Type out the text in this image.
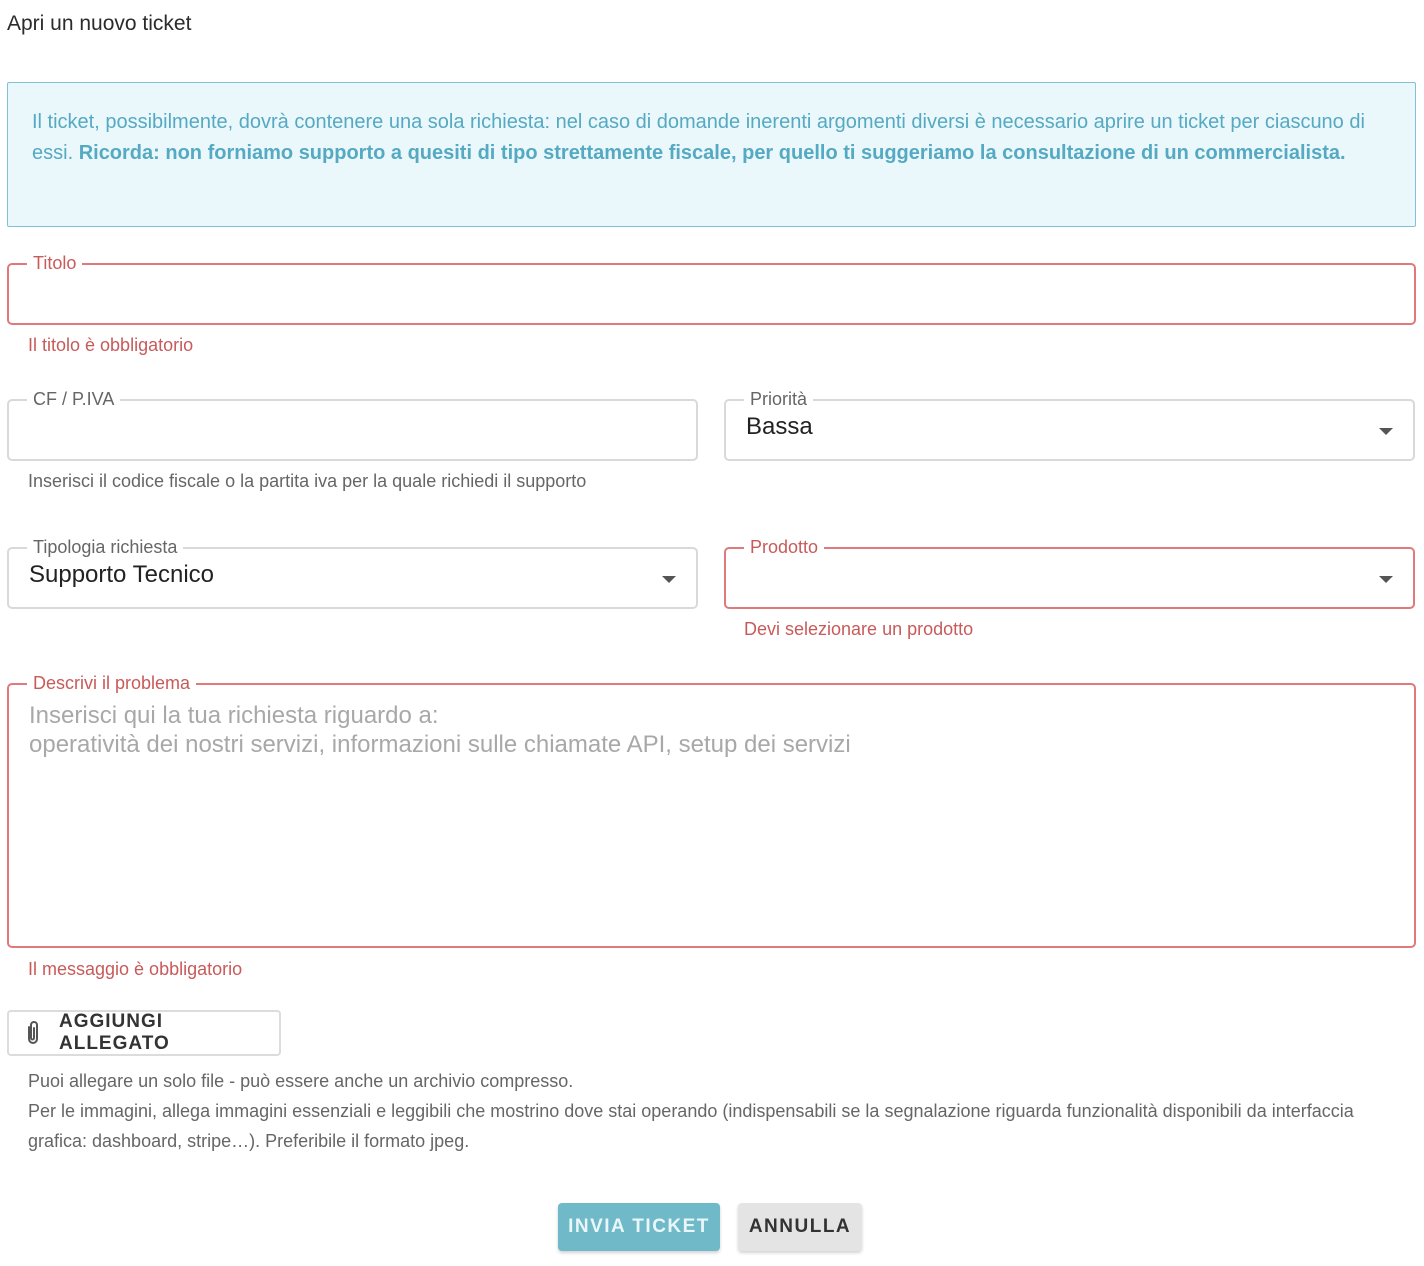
Apri un nuovo ticket
Il ticket, possibilmente, dovrà contenere una sola richiesta: nel caso di domande inerenti argomenti diversi è necessario aprire un ticket per ciascuno di essi. Ricorda: non forniamo supporto a quesiti di tipo strettamente fiscale, per quello ti suggeriamo la consultazione di un commercialista.
Titolo
Il titolo è obbligatorio
CF / P.IVA
Inserisci il codice fiscale o la partita iva per la quale richiedi il supporto
Priorità
Bassa
Tipologia richiesta
Supporto Tecnico
Prodotto
Devi selezionare un prodotto
Descrivi il problema
Inserisci qui la tua richiesta riguardo a:
operatività dei nostri servizi, informazioni sulle chiamate API, setup dei servizi
Il messaggio è obbligatorio
AGGIUNGI ALLEGATO
Puoi allegare un solo file - può essere anche un archivio compresso.
Per le immagini, allega immagini essenziali e leggibili che mostrino dove stai operando (indispensabili se la segnalazione riguarda funzionalità disponibili da interfaccia grafica: dashboard, stripe…). Preferibile il formato jpeg.
INVIA TICKET	ANNULLA
